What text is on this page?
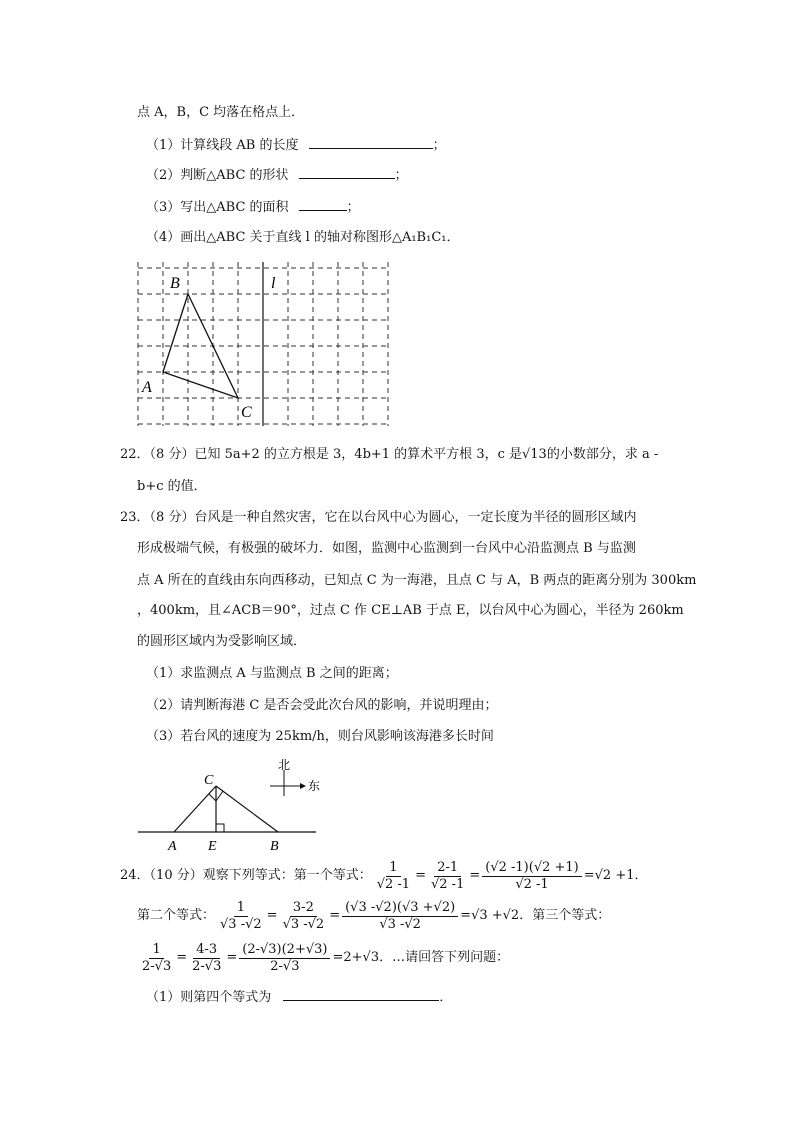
点 A，B，C 均落在格点上．
（1）计算线段 AB 的长度	；
（2）判断△ABC 的形状	；
（3）写出△ABC 的面积	；
（4）画出△ABC 关于直线 l 的轴对称图形△A₁B₁C₁．
B
A
C
l
22．（8 分）已知 5a+2 的立方根是 3，4b+1 的算术平方根 3，c 是√13的小数部分，求 a -
b+c 的值．
23．（8 分）台风是一种自然灾害，它在以台风中心为圆心，一定长度为半径的圆形区域内
形成极端气候，有极强的破坏力．如图，监测中心监测到一台风中心沿监测点 B 与监测
点 A 所在的直线由东向西移动，已知点 C 为一海港，且点 C 与 A，B 两点的距离分别为 300km
，400km，且∠ACB＝90°，过点 C 作 CE⊥AB 于点 E，以台风中心为圆心，半径为 260km
的圆形区域内为受影响区域．
（1）求监测点 A 与监测点 B 之间的距离；
（2）请判断海港 C 是否会受此次台风的影响，并说明理由；
（3）若台风的速度为 25km/h，则台风影响该海港多长时间
C
A E	B
北
东
24．（10 分）观察下列等式：第一个等式： $\frac{1}{√2 -1} = \frac{2-1}{√2 -1} = \frac{(√2 -1)(√2 +1)}{√2 -1} =√2 +1$．
第二个等式： $\frac{1}{√3 -√2} = \frac{3-2}{√3 -√2} = \frac{(√3 -√2)(√3 +√2)}{√3 -√2} =√3 +√2$．第三个等式：
$\frac{1}{2-√3} = \frac{4-3}{2-√3} = \frac{(2-√3)(2+√3)}{2-√3} =2+√3$．…请回答下列问题：
（1）则第四个等式为	．
